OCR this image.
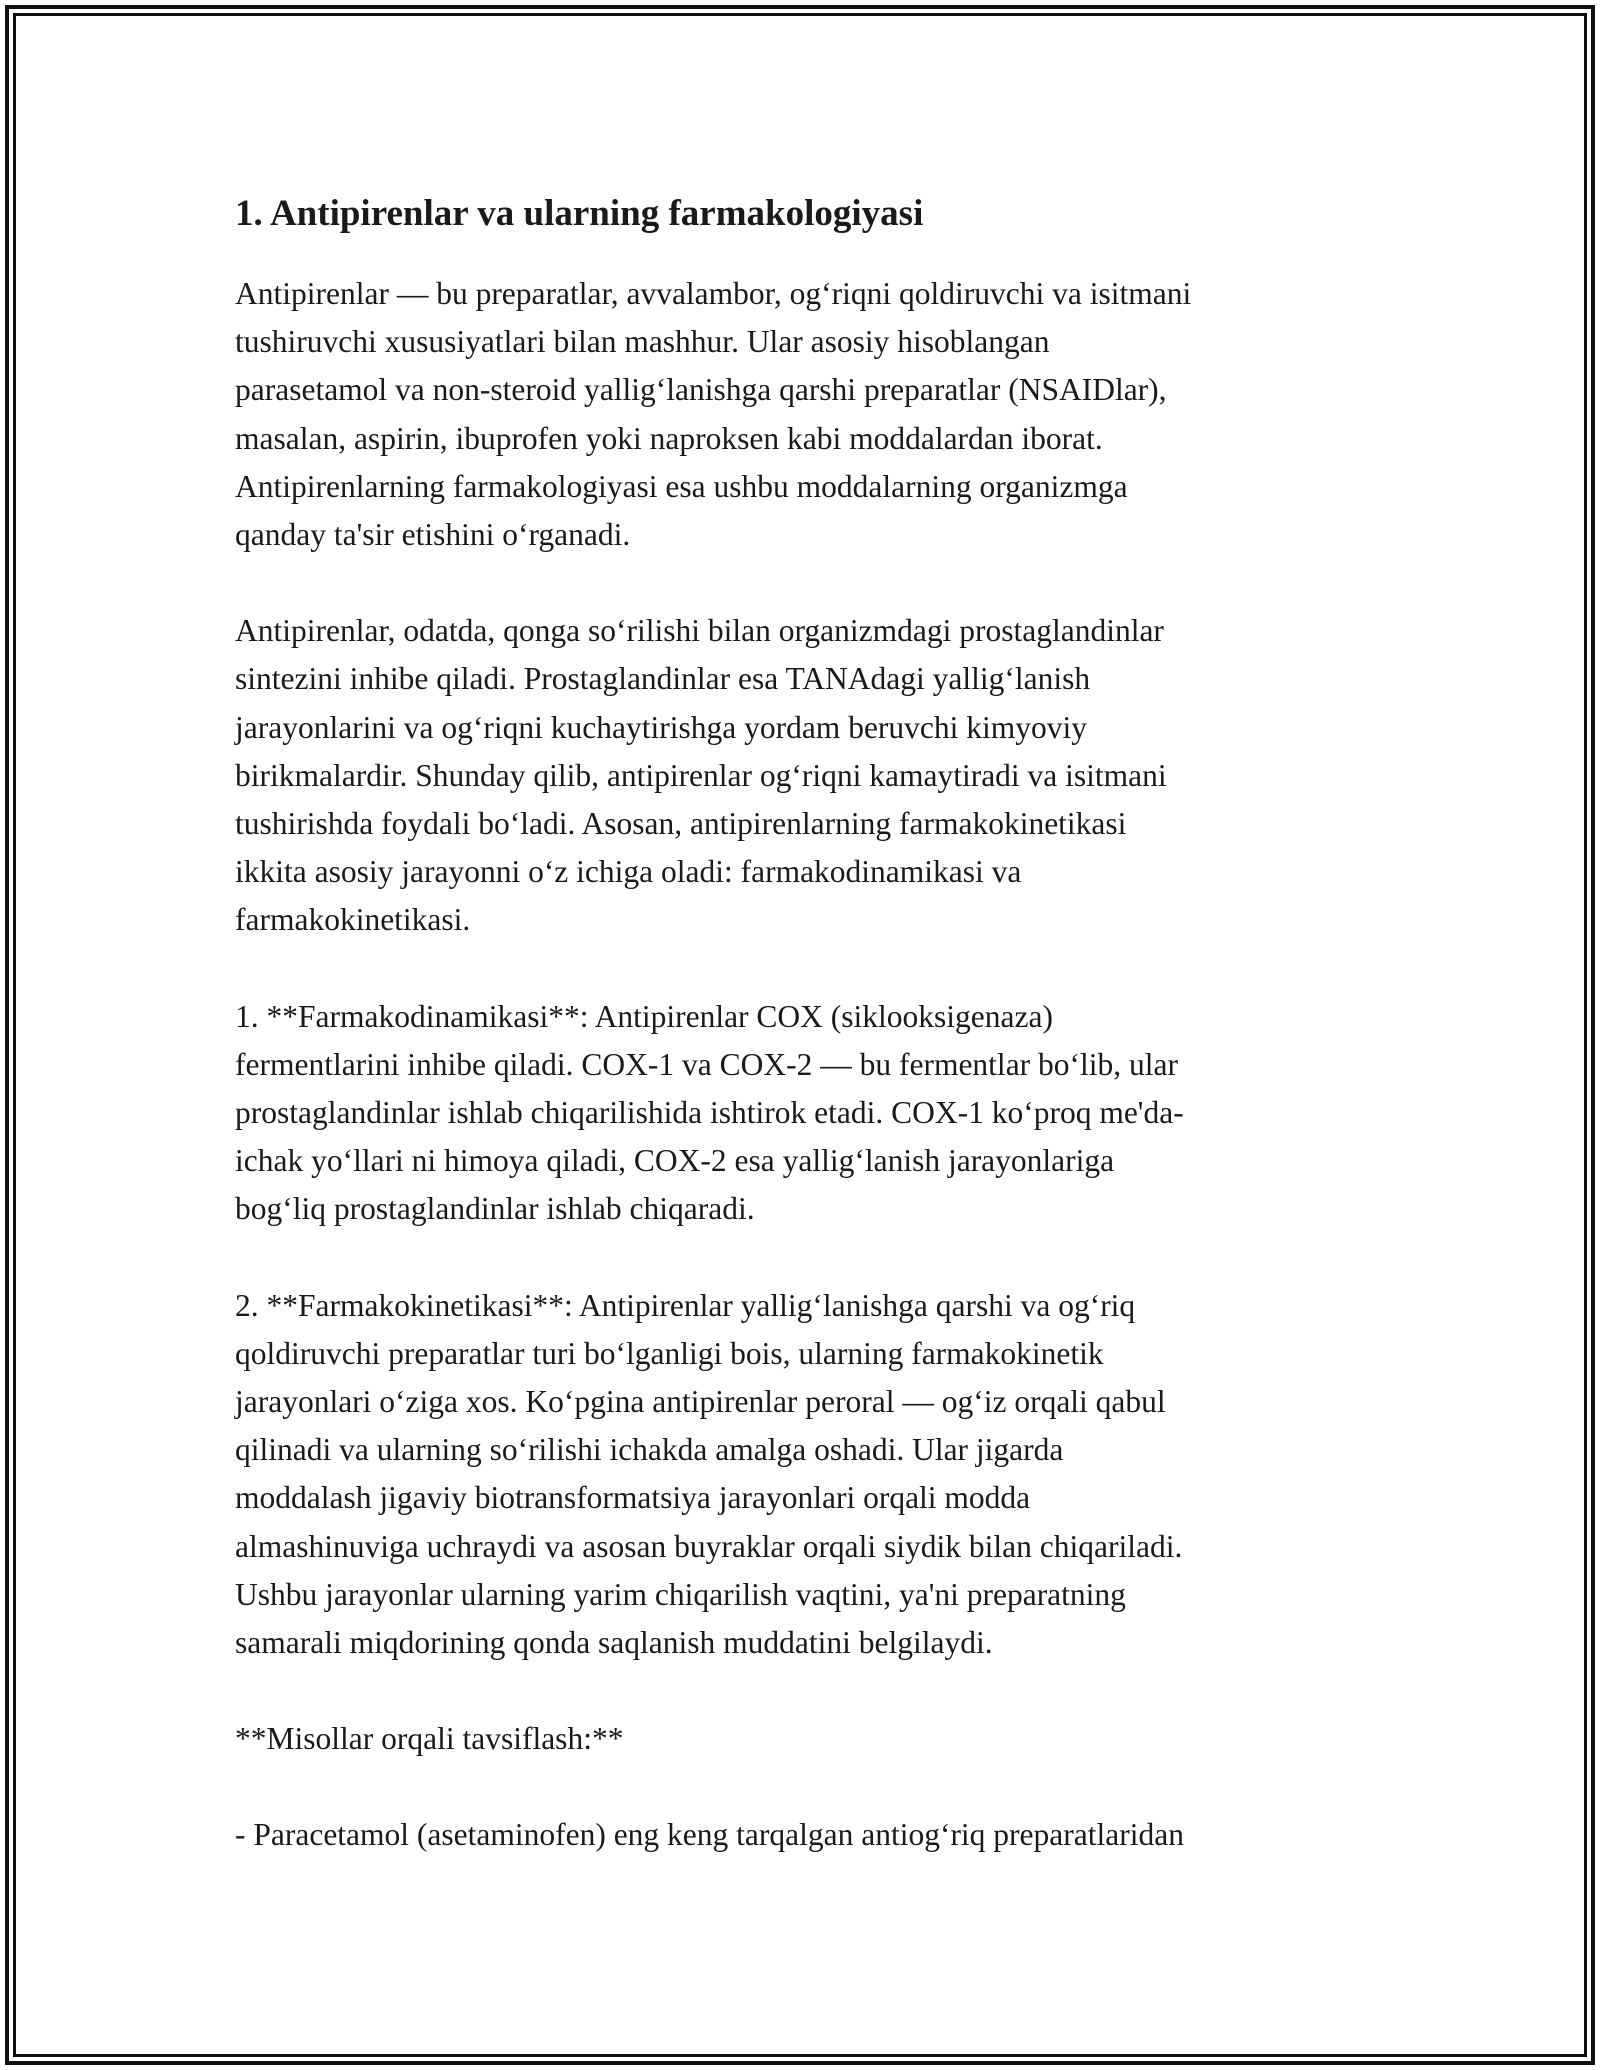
1. Antipirenlar va ularning farmakologiyasi

Antipirenlar — bu preparatlar, avvalambor, og‘riqni qoldiruvchi va isitmani
tushiruvchi xususiyatlari bilan mashhur. Ular asosiy hisoblangan
parasetamol va non-steroid yallig‘lanishga qarshi preparatlar (NSAIDlar),
masalan, aspirin, ibuprofen yoki naproksen kabi moddalardan iborat.
Antipirenlarning farmakologiyasi esa ushbu moddalarning organizmga
qanday ta'sir etishini o‘rganadi.

Antipirenlar, odatda, qonga so‘rilishi bilan organizmdagi prostaglandinlar
sintezini inhibe qiladi. Prostaglandinlar esa TANAdagi yallig‘lanish
jarayonlarini va og‘riqni kuchaytirishga yordam beruvchi kimyoviy
birikmalardir. Shunday qilib, antipirenlar og‘riqni kamaytiradi va isitmani
tushirishda foydali bo‘ladi. Asosan, antipirenlarning farmakokinetikasi
ikkita asosiy jarayonni o‘z ichiga oladi: farmakodinamikasi va
farmakokinetikasi.

1. **Farmakodinamikasi**: Antipirenlar COX (siklooksigenaza)
fermentlarini inhibe qiladi. COX-1 va COX-2 — bu fermentlar bo‘lib, ular
prostaglandinlar ishlab chiqarilishida ishtirok etadi. COX-1 ko‘proq me'da-
ichak yo‘llari ni himoya qiladi, COX-2 esa yallig‘lanish jarayonlariga
bog‘liq prostaglandinlar ishlab chiqaradi.

2. **Farmakokinetikasi**: Antipirenlar yallig‘lanishga qarshi va og‘riq
qoldiruvchi preparatlar turi bo‘lganligi bois, ularning farmakokinetik
jarayonlari o‘ziga xos. Ko‘pgina antipirenlar peroral — og‘iz orqali qabul
qilinadi va ularning so‘rilishi ichakda amalga oshadi. Ular jigarda
moddalash jigaviy biotransformatsiya jarayonlari orqali modda
almashinuviga uchraydi va asosan buyraklar orqali siydik bilan chiqariladi.
Ushbu jarayonlar ularning yarim chiqarilish vaqtini, ya'ni preparatning
samarali miqdorining qonda saqlanish muddatini belgilaydi.

**Misollar orqali tavsiflash:**

- Paracetamol (asetaminofen) eng keng tarqalgan antiog‘riq preparatlaridan
